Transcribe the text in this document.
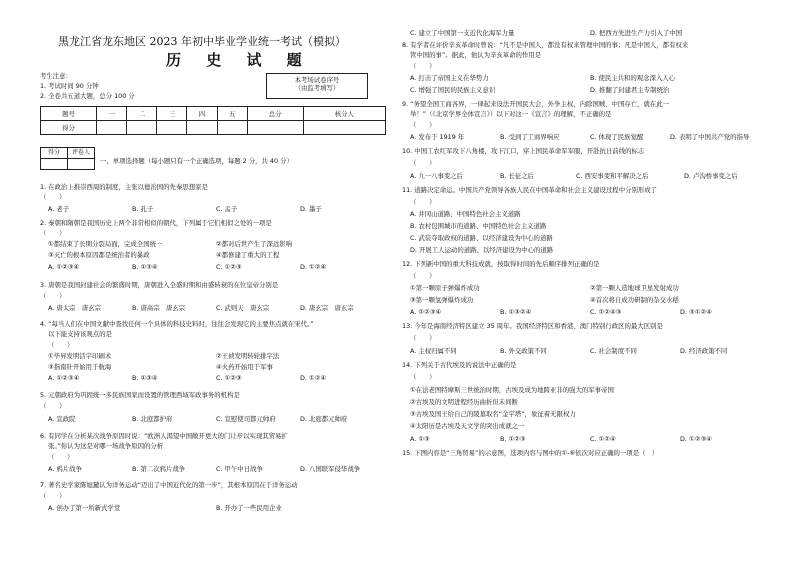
黑龙江省龙东地区 2023 年初中毕业学业统一考试（模拟）
历 史 试 题
考生注意：
1. 考试时间 90 分钟
2. 全卷共五道大题，总分 100 分
本考场试卷序号
（由监考填写）
题号	一	二	三	四	五	总分	核分人
得分							
得分	评卷人

一、单项选择题（每小题只有一个正确选项，每题 2 分，共 40 分）
1. 在政治上推崇西周的制度，主张以德治国的先秦思想家是
（　　）
A. 老子	B. 孔子	C. 孟子	D. 墨子
2. 秦朝和隋朝是我国历史上两个非常相似的朝代，下列属于它们相似之处的一项是
（　　）
①都结束了长期分裂局面，完成全国统一	②都对后世产生了深远影响
③灭亡的根本原因都是统治者的暴政	④都修建了重大的工程
A. ①②③④	B. ①③④	C. ①②③	D. ①②④
3. 唐朝是我国封建社会的繁盛时期，唐朝进入全盛时期和由盛转衰的在位皇帝分别是
（　　）
A. 唐太宗　唐玄宗	B. 唐高宗　唐玄宗	C. 武则天　唐玄宗	D. 唐玄宗　唐玄宗
4. “每当人们在中国文献中查找任何一个具体的科技史料时，往往会发现它的主要焦点就在宋代。”
以下能支持该观点的是
（　　）
①毕昇发明活字印刷术	②王祯发明转轮排字法
③指南针开始用于航海	④火药开始用于军事
A. ①②③④	B. ①③④	C. ①②③	D. ①②④
5. 元朝政府为巩固统一多民族国家而设置的管理西域军政事务的机构是
（　　）
A. 宣政院	B. 北庭都护府	C. 宣慰使司都元帅府	D. 北庭都元帅府
6. 有同学在分析某次战争原因时说：“欧洲人渴望中国敞开更大的门让步以实现其贸易扩
张。”你认为这是对哪一场战争原因的分析
（　　）
A. 鸦片战争	B. 第二次鸦片战争	C. 甲午中日战争	D. 八国联军侵华战争
7. 著名史学家陈旭麓认为洋务运动“迈出了中国近代化的第一步”，其根本原因在于洋务运动
（　　）
A. 创办了第一所新式学堂	B. 开办了一些民用企业
C. 建立了中国第一支近代化海军力量	D. 把西方先进生产力引入了中国
8. 有学者在评价辛亥革命时曾说：“凡不是中国人，都没有权来管理中国的事；凡是中国人，都有权来
管中国的事”。据此，他认为辛亥革命的作用是
（　　）
A. 打击了帝国主义在华势力	B. 使民主共和的观念深入人心
C. 增强了国民的民族主义意识	D. 推翻了封建君主专制统治
9. “务望全国工商各界，一律起来设法开国民大会，外争主权，内除国贼，中国存亡，就在此一
举！”（《北京学界全体宣言》）以下对这一《宣言》的理解，不正确的是
（　　）
A. 发布于 1919 年	B. 受到了工商界响应	C. 体现了民族觉醒	D. 表明了中国共产党的指导
10. 中国工农红军攻下八角楼，攻下江口，穿上国民革命军军服，开赴抗日前线的标志
（　　）
A. 九一八事变之后	B. 长征之后	C. 西安事变和平解决之后	D. 卢沟桥事变之后
11. 道路决定命运。中国共产党领导各族人民在中国革命和社会主义建设过程中分别形成了
（　　）
A. 井冈山道路、中国特色社会主义道路
B. 农村包围城市的道路、中国特色社会主义道路
C. 武装夺取政权的道路、以经济建设为中心的道路
D. 开展工人运动的道路、以经济建设为中心的道路
12. 下列新中国的重大科技成就，按取得时间的先后顺序排列正确的是
（　　）
①第一颗原子弹爆炸成功	②第一颗人造地球卫星发射成功
③第一颗氢弹爆炸成功	④首次将自成功研制的杂交水稻
A. ①②③④	B. ①③②④	C. ①②④③	D. ③①②④
13. 今年是海南经济特区建立 35 周年。我国经济特区和香港、澳门特别行政区的最大区别是
（　　）
A. 主权归属不同	B. 外交政策不同	C. 社会制度不同	D. 经济政策不同
14. 下列关于古代埃及的说法中正确的是
（　　）
①在法老图特摩斯三世统治时期，古埃及成为地跨亚非的强大的军事帝国
②古埃及的文明进程经历曲折但未间断
③古埃及国王给自己的陵墓取名“金字塔”，象征着无限权力
④太阳历是古埃及天文学的突出成就之一
A. ①③	B. ①②③	C. ①②④	D. ①②③④
15. 下图内容是“三角贸易”的示意图，选项内容与图中的①-⑥依次对应正确的一项是（　）
